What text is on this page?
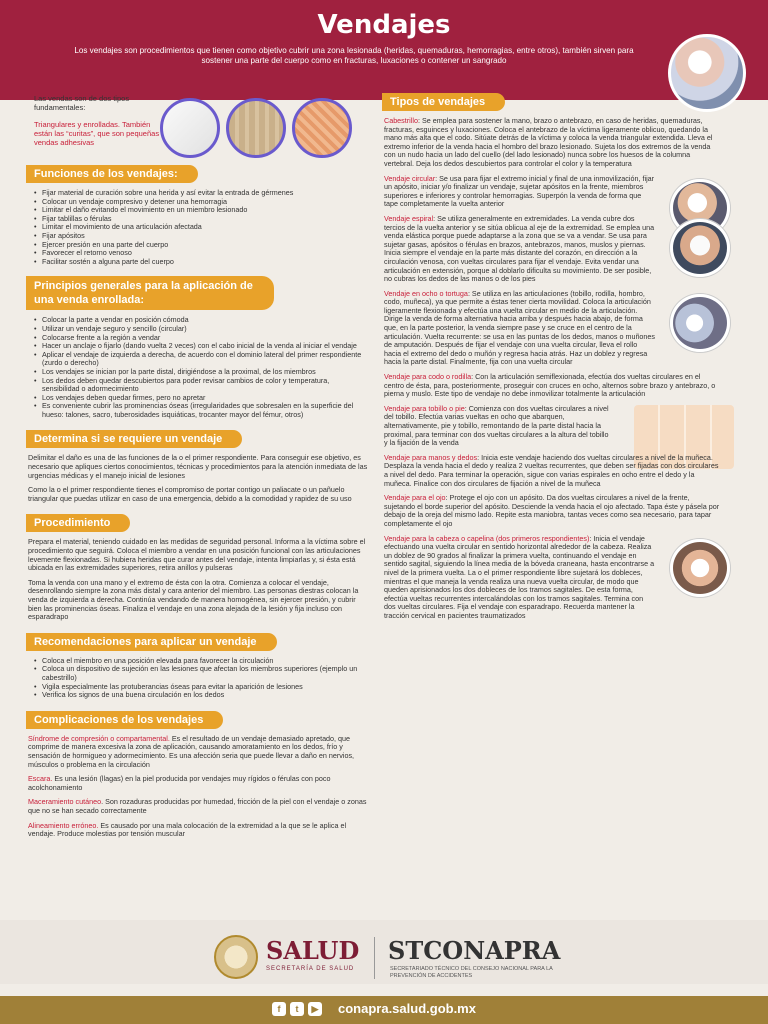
Vendajes
Los vendajes son procedimientos que tienen como objetivo cubrir una zona lesionada (heridas, quemaduras, hemorragias, entre otros), también sirven para sostener una parte del cuerpo como en fracturas, luxaciones o contener un sangrado
Las vendas son de dos tipos fundamentales:
Triangulares y enrolladas. También están las “curitas”, que son pequeñas vendas adhesivas
Funciones de los vendajes:
• Fijar material de curación sobre una herida y así evitar la entrada de gérmenes
• Colocar un vendaje compresivo y detener una hemorragia
• Limitar el daño evitando el movimiento en un miembro lesionado
• Fijar tablillas o férulas
• Limitar el movimiento de una articulación afectada
• Fijar apósitos
• Ejercer presión en una parte del cuerpo
• Favorecer el retorno venoso
• Facilitar sostén a alguna parte del cuerpo
Principios generales para la aplicación de una venda enrollada:
• Colocar la parte a vendar en posición cómoda
• Utilizar un vendaje seguro y sencillo (circular)
• Colocarse frente a la región a vendar
• Hacer un anclaje o fijarlo (dando vuelta 2 veces) con el cabo inicial de la venda al iniciar el vendaje
• Aplicar el vendaje de izquierda a derecha, de acuerdo con el dominio lateral del primer respondiente (zurdo o derecho)
• Los vendajes se inician por la parte distal, dirigiéndose a la proximal, de los miembros
• Los dedos deben quedar descubiertos para poder revisar cambios de color y temperatura, sensibilidad o adormecimiento
• Los vendajes deben quedar firmes, pero no apretar
• Es conveniente cubrir las prominencias óseas (irregularidades que sobresalen en la superficie del hueso: talones, sacro, tuberosidades isquiáticas, trocanter mayor del fémur, otros)
Determina si se requiere un vendaje

Delimitar el daño es una de las funciones de la o el primer respondiente. Para conseguir ese objetivo, es necesario que apliques ciertos conocimientos, técnicas y procedimientos para la atención inmediata de las urgencias médicas y el manejo inicial de lesiones

Como la o el primer respondiente tienes el compromiso de portar contigo un paliacate o un pañuelo triangular que puedas utilizar en caso de una emergencia, debido a la comodidad y rapidez de su uso

Procedimiento

Prepara el material, teniendo cuidado en las medidas de seguridad personal. Informa a la víctima sobre el procedimiento que seguirá. Coloca el miembro a vendar en una posición funcional con las articulaciones levemente flexionadas. Si hubiera heridas que curar antes del vendaje, intenta limpiarlas y, si ésta está ubicada en las extremidades superiores, retira anillos y pulseras

Toma la venda con una mano y el extremo de ésta con la otra. Comienza a colocar el vendaje, desenrollando siempre la zona más distal y cara anterior del miembro. Las personas diestras colocan la venda de izquierda a derecha. Continúa vendando de manera homogénea, sin ejercer presión, y cubrir bien las prominencias óseas. Finaliza el vendaje en una zona alejada de la lesión y fija incluso con esparadrapo

Recomendaciones para aplicar un vendaje
• Coloca el miembro en una posición elevada para favorecer la circulación
• Coloca un dispositivo de sujeción en las lesiones que afectan los miembros superiores (ejemplo un cabestrillo)
• Vigila especialmente las protuberancias óseas para evitar la aparición de lesiones
• Verifica los signos de una buena circulación en los dedos
Complicaciones de los vendajes

Síndrome de compresión o compartamental. Es el resultado de un vendaje demasiado apretado, que comprime de manera excesiva la zona de aplicación, causando amoratamiento en los dedos, frío y sensación de hormigueo y adormecimiento. Es una afección seria que puede llevar a daño en nervios, músculos o problema en la circulación

Escara. Es una lesión (llagas) en la piel producida por vendajes muy rígidos o férulas con poco acolchonamiento

Maceramiento cutáneo. Son rozaduras producidas por humedad, fricción de la piel con el vendaje o zonas que no se han secado correctamente

Alineamiento erróneo. Es causado por una mala colocación de la extremidad a la que se le aplica el vendaje. Produce molestias por tensión muscular

Tipos de vendajes
Cabestrillo: Se emplea para sostener la mano, brazo o antebrazo, en caso de heridas, quemaduras, fracturas, esguinces y luxaciones. Coloca el antebrazo de la víctima ligeramente oblicuo, quedando la mano más alta que el codo. Sitúate detrás de la víctima y coloca la venda triangular extendida. Lleva el extremo inferior de la venda hacia el hombro del brazo lesionado. Sujeta los dos extremos de la venda con un nudo hacia un lado del cuello (del lado lesionado) nunca sobre los huesos de la columna vertebral. Deja los dedos descubiertos para controlar el color y la temperatura
Vendaje circular: Se usa para fijar el extremo inicial y final de una inmovilización, fijar un apósito, iniciar y/o finalizar un vendaje, sujetar apósitos en la frente, miembros superiores e inferiores y controlar hemorragias. Superpón la venda de forma que tape completamente la vuelta anterior
Vendaje espiral: Se utiliza generalmente en extremidades. La venda cubre dos tercios de la vuelta anterior y se sitúa oblicua al eje de la extremidad. Se emplea una venda elástica porque puede adaptarse a la zona que se va a vendar. Se usa para sujetar gasas, apósitos o férulas en brazos, antebrazos, manos, muslos y piernas. Inicia siempre el vendaje en la parte más distante del corazón, en dirección a la circulación venosa, con vueltas circulares para fijar el vendaje. Evita vendar una articulación en extensión, porque al doblarlo dificulta su movimiento. De ser posible, no cubras los dedos de las manos o de los pies
Vendaje en ocho o tortuga: Se utiliza en las articulaciones (tobillo, rodilla, hombro, codo, muñeca), ya que permite a éstas tener cierta movilidad. Coloca la articulación ligeramente flexionada y efectúa una vuelta circular en medio de la articulación. Dirige la venda de forma alternativa hacia arriba y después hacia abajo, de forma que, en la parte posterior, la venda siempre pase y se cruce en el centro de la articulación. Vuelta recurrente: se usa en las puntas de los dedos, manos o muñones de amputación. Después de fijar el vendaje con una vuelta circular, lleva el rollo hacia el extremo del dedo o muñón y regresa hacia atrás. Haz un doblez y regresa hacia la parte distal. Finalmente, fija con una vuelta circular
Vendaje para codo o rodilla: Con la articulación semiflexionada, efectúa dos vueltas circulares en el centro de ésta, para, posteriormente, proseguir con cruces en ocho, alternos sobre brazo y antebrazo, o pierna y muslo. Este tipo de vendaje no debe inmovilizar totalmente la articulación
Vendaje para tobillo o pie: Comienza con dos vueltas circulares a nivel del tobillo. Efectúa varias vueltas en ocho que abarquen, alternativamente, pie y tobillo, remontando de la parte distal hacia la proximal, para terminar con dos vueltas circulares a la altura del tobillo y la fijación de la venda
Vendaje para manos y dedos: Inicia este vendaje haciendo dos vueltas circulares a nivel de la muñeca. Desplaza la venda hacia el dedo y realiza 2 vueltas recurrentes, que deben ser fijadas con dos circulares a nivel del dedo. Para terminar la operación, sigue con varias espirales en ocho entre el dedo y la muñeca. Finalice con dos circulares de fijación a nivel de la muñeca
Vendaje para el ojo: Protege el ojo con un apósito. Da dos vueltas circulares a nivel de la frente, sujetando el borde superior del apósito. Desciende la venda hacia el ojo afectado. Tapa éste y pásela por debajo de la oreja del mismo lado. Repite esta maniobra, tantas veces como sea necesario, para tapar completamente el ojo
Vendaje para la cabeza o capelina (dos primeros respondientes): Inicia el vendaje efectuando una vuelta circular en sentido horizontal alrededor de la cabeza. Realiza un doblez de 90 grados al finalizar la primera vuelta, continuando el vendaje en sentido sagital, siguiendo la línea media de la bóveda craneana, hasta encontrarse a nivel de la primera vuelta. La o el primer respondiente libre sujetará los dobleces, mientras el que maneja la venda realiza una nueva vuelta circular, de modo que queden aprisionados los dos dobleces de los tramos sagitales. De esta forma, efectúa vueltas recurrentes intercalándolas con los tramos sagitales. Termina con dos vueltas circulares. Fija el vendaje con esparadrapo. Recuerda mantener la tracción cervical en pacientes traumatizados
SALUD
SECRETARÍA DE SALUD
STCONAPRA
SECRETARIADO TÉCNICO DEL CONSEJO NACIONAL PARA LA PREVENCIÓN DE ACCIDENTES
f	t	▶ conapra.salud.gob.mx
